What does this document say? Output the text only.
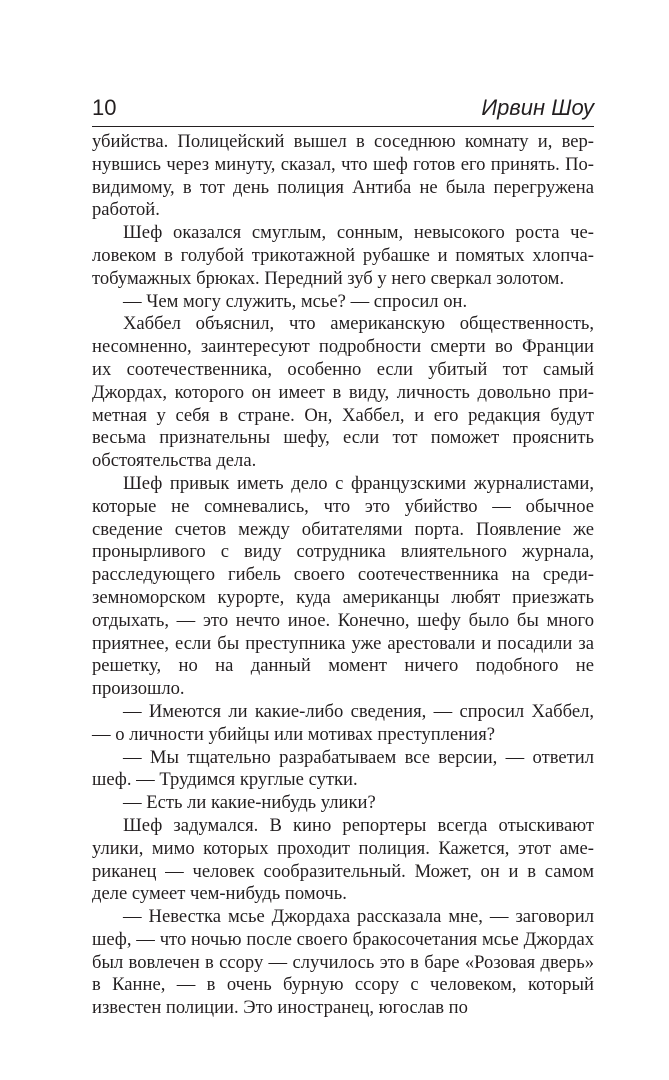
10	Ирвин Шоу

убийства. Полицейский вышел в соседнюю комнату и, вернувшись через минуту, сказал, что шеф готов его принять. По-видимому, в тот день полиция Антиба не была перегружена работой.

Шеф оказался смуглым, сонным, невысокого роста человеком в голубой трикотажной рубашке и помятых хлопчатобумажных брюках. Передний зуб у него сверкал золотом.

— Чем могу служить, мсье? — спросил он.

Хаббел объяснил, что американскую общественность, несомненно, заинтересуют подробности смерти во Франции их соотечественника, особенно если убитый тот самый Джордах, которого он имеет в виду, личность довольно приметная у себя в стране. Он, Хаббел, и его редакция будут весьма признательны шефу, если тот поможет прояснить обстоятельства дела.

Шеф привык иметь дело с французскими журналистами, которые не сомневались, что это убийство — обычное сведение счетов между обитателями порта. Появление же пронырливого с виду сотрудника влиятельного журнала, расследующего гибель своего соотечественника на средиземноморском курорте, куда американцы любят приезжать отдыхать, — это нечто иное. Конечно, шефу было бы много приятнее, если бы преступника уже арестовали и посадили за решетку, но на данный момент ничего подобного не произошло.

— Имеются ли какие-либо сведения, — спросил Хаббел, — о личности убийцы или мотивах преступления?

— Мы тщательно разрабатываем все версии, — ответил шеф. — Трудимся круглые сутки.

— Есть ли какие-нибудь улики?

Шеф задумался. В кино репортеры всегда отыскивают улики, мимо которых проходит полиция. Кажется, этот американец — человек сообразительный. Может, он и в самом деле сумеет чем-нибудь помочь.

— Невестка мсье Джордаха рассказала мне, — заговорил шеф, — что ночью после своего бракосочетания мсье Джордах был вовлечен в ссору — случилось это в баре «Розовая дверь» в Канне, — в очень бурную ссору с человеком, который известен полиции. Это иностранец, югослав по
